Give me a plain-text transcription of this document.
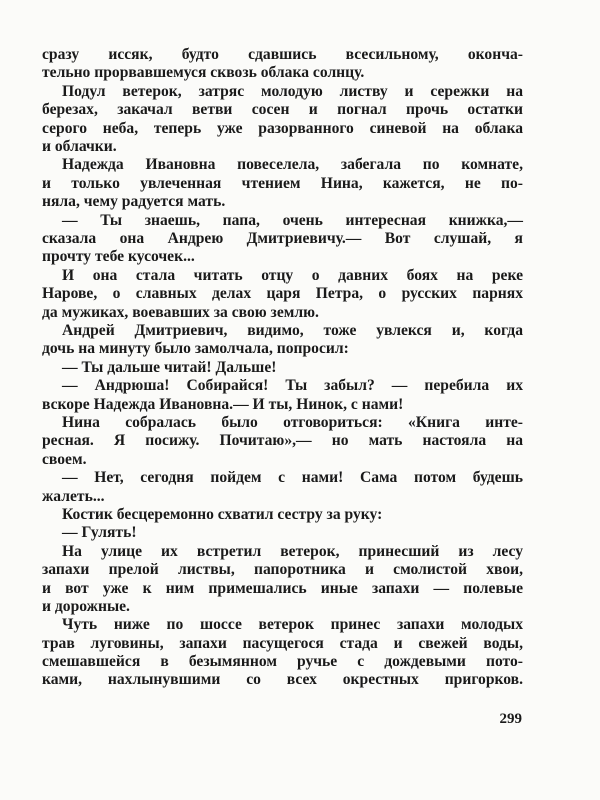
сразу иссяк, будто сдавшись всесильному, оконча-
тельно прорвавшемуся сквозь облака солнцу.
Подул ветерок, затряс молодую листву и сережки на
березах, закачал ветви сосен и погнал прочь остатки
серого неба, теперь уже разорванного синевой на облака
и облачки.
Надежда Ивановна повеселела, забегала по комнате,
и только увлеченная чтением Нина, кажется, не по-
няла, чему радуется мать.
— Ты знаешь, папа, очень интересная книжка,—
сказала она Андрею Дмитриевичу.— Вот слушай, я
прочту тебе кусочек...
И она стала читать отцу о давних боях на реке
Нарове, о славных делах царя Петра, о русских парнях
да мужиках, воевавших за свою землю.
Андрей Дмитриевич, видимо, тоже увлекся и, когда
дочь на минуту было замолчала, попросил:
— Ты дальше читай! Дальше!
— Андрюша! Собирайся! Ты забыл? — перебила их
вскоре Надежда Ивановна.— И ты, Нинок, с нами!
Нина собралась было отговориться: «Книга инте-
ресная. Я посижу. Почитаю»,— но мать настояла на
своем.
— Нет, сегодня пойдем с нами! Сама потом будешь
жалеть...
Костик бесцеремонно схватил сестру за руку:
— Гулять!
На улице их встретил ветерок, принесший из лесу
запахи прелой листвы, папоротника и смолистой хвои,
и вот уже к ним примешались иные запахи — полевые
и дорожные.
Чуть ниже по шоссе ветерок принес запахи молодых
трав луговины, запахи пасущегося стада и свежей воды,
смешавшейся в безымянном ручье с дождевыми пото-
ками, нахлынувшими со всех окрестных пригорков.
299
